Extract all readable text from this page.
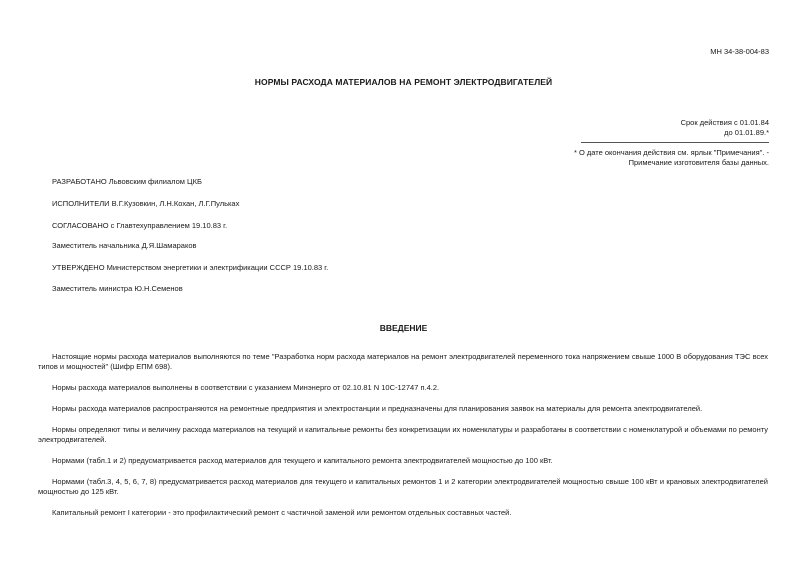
МН 34-38-004-83
НОРМЫ РАСХОДА МАТЕРИАЛОВ НА РЕМОНТ ЭЛЕКТРОДВИГАТЕЛЕЙ
Срок действия с 01.01.84
до 01.01.89.*
* О дате окончания действия см. ярлык "Примечания". -
Примечание изготовителя базы данных.
РАЗРАБОТАНО Львовским филиалом ЦКБ
ИСПОЛНИТЕЛИ В.Г.Кузовкин, Л.Н.Кохан, Л.Г.Пульках
СОГЛАСОВАНО с Главтехуправлением 19.10.83 г.
Заместитель начальника Д.Я.Шамараков
УТВЕРЖДЕНО Министерством энергетики и электрификации СССР 19.10.83 г.
Заместитель министра Ю.Н.Семенов
ВВЕДЕНИЕ
Настоящие нормы расхода материалов выполняются по теме "Разработка норм расхода материалов на ремонт электродвигателей переменного тока напряжением свыше 1000 В оборудования ТЭС всех типов и мощностей" (Шифр ЕПМ 698).
Нормы расхода материалов выполнены в соответствии с указанием Минэнерго от 02.10.81 N 10С-12747 п.4.2.
Нормы расхода материалов распространяются на ремонтные предприятия и электростанции и предназначены для планирования заявок на материалы для ремонта электродвигателей.
Нормы определяют типы и величину расхода материалов на текущий и капитальные ремонты без конкретизации их номенклатуры и разработаны в соответствии с номенклатурой и объемами по ремонту электродвигателей.
Нормами (табл.1 и 2) предусматривается расход материалов для текущего и капитального ремонта электродвигателей мощностью до 100 кВт.
Нормами (табл.3, 4, 5, 6, 7, 8) предусматривается расход материалов для текущего и капитальных ремонтов 1 и 2 категории электродвигателей мощностью свыше 100 кВт и крановых электродвигателей мощностью до 125 кВт.
Капитальный ремонт I категории - это профилактический ремонт с частичной заменой или ремонтом отдельных составных частей.
